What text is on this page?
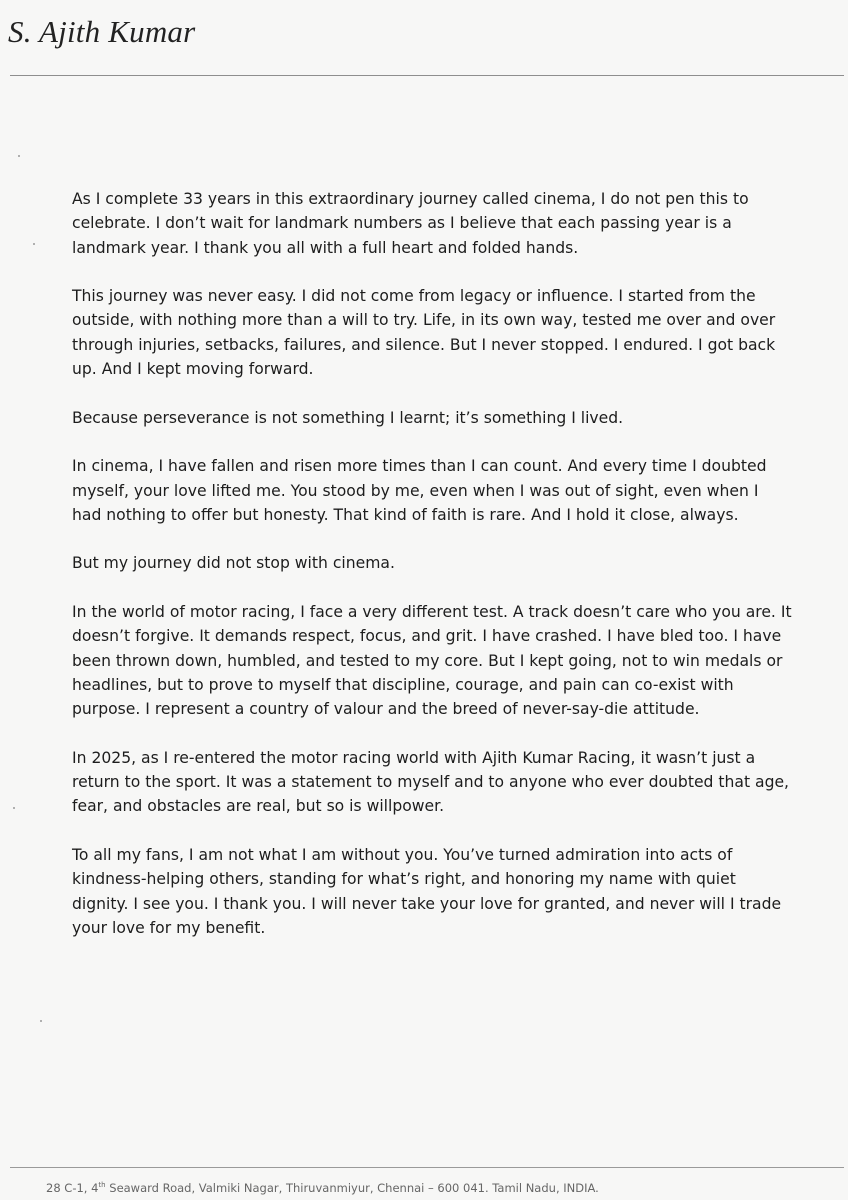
S. Ajith Kumar

As I complete 33 years in this extraordinary journey called cinema, I do not pen this to celebrate. I don’t wait for landmark numbers as I believe that each passing year is a landmark year. I thank you all with a full heart and folded hands.

This journey was never easy. I did not come from legacy or influence. I started from the outside, with nothing more than a will to try. Life, in its own way, tested me over and over through injuries, setbacks, failures, and silence. But I never stopped. I endured. I got back up. And I kept moving forward.

Because perseverance is not something I learnt; it’s something I lived.

In cinema, I have fallen and risen more times than I can count. And every time I doubted myself, your love lifted me. You stood by me, even when I was out of sight, even when I had nothing to offer but honesty. That kind of faith is rare. And I hold it close, always.

But my journey did not stop with cinema.

In the world of motor racing, I face a very different test. A track doesn’t care who you are. It doesn’t forgive. It demands respect, focus, and grit. I have crashed. I have bled too. I have been thrown down, humbled, and tested to my core. But I kept going, not to win medals or headlines, but to prove to myself that discipline, courage, and pain can co-exist with purpose. I represent a country of valour and the breed of never-say-die attitude.

In 2025, as I re-entered the motor racing world with Ajith Kumar Racing, it wasn’t just a return to the sport. It was a statement to myself and to anyone who ever doubted that age, fear, and obstacles are real, but so is willpower.

To all my fans, I am not what I am without you. You’ve turned admiration into acts of kindness-helping others, standing for what’s right, and honoring my name with quiet dignity. I see you. I thank you. I will never take your love for granted, and never will I trade your love for my benefit.

28 C-1, 4th Seaward Road, Valmiki Nagar, Thiruvanmiyur, Chennai – 600 041. Tamil Nadu, INDIA.
